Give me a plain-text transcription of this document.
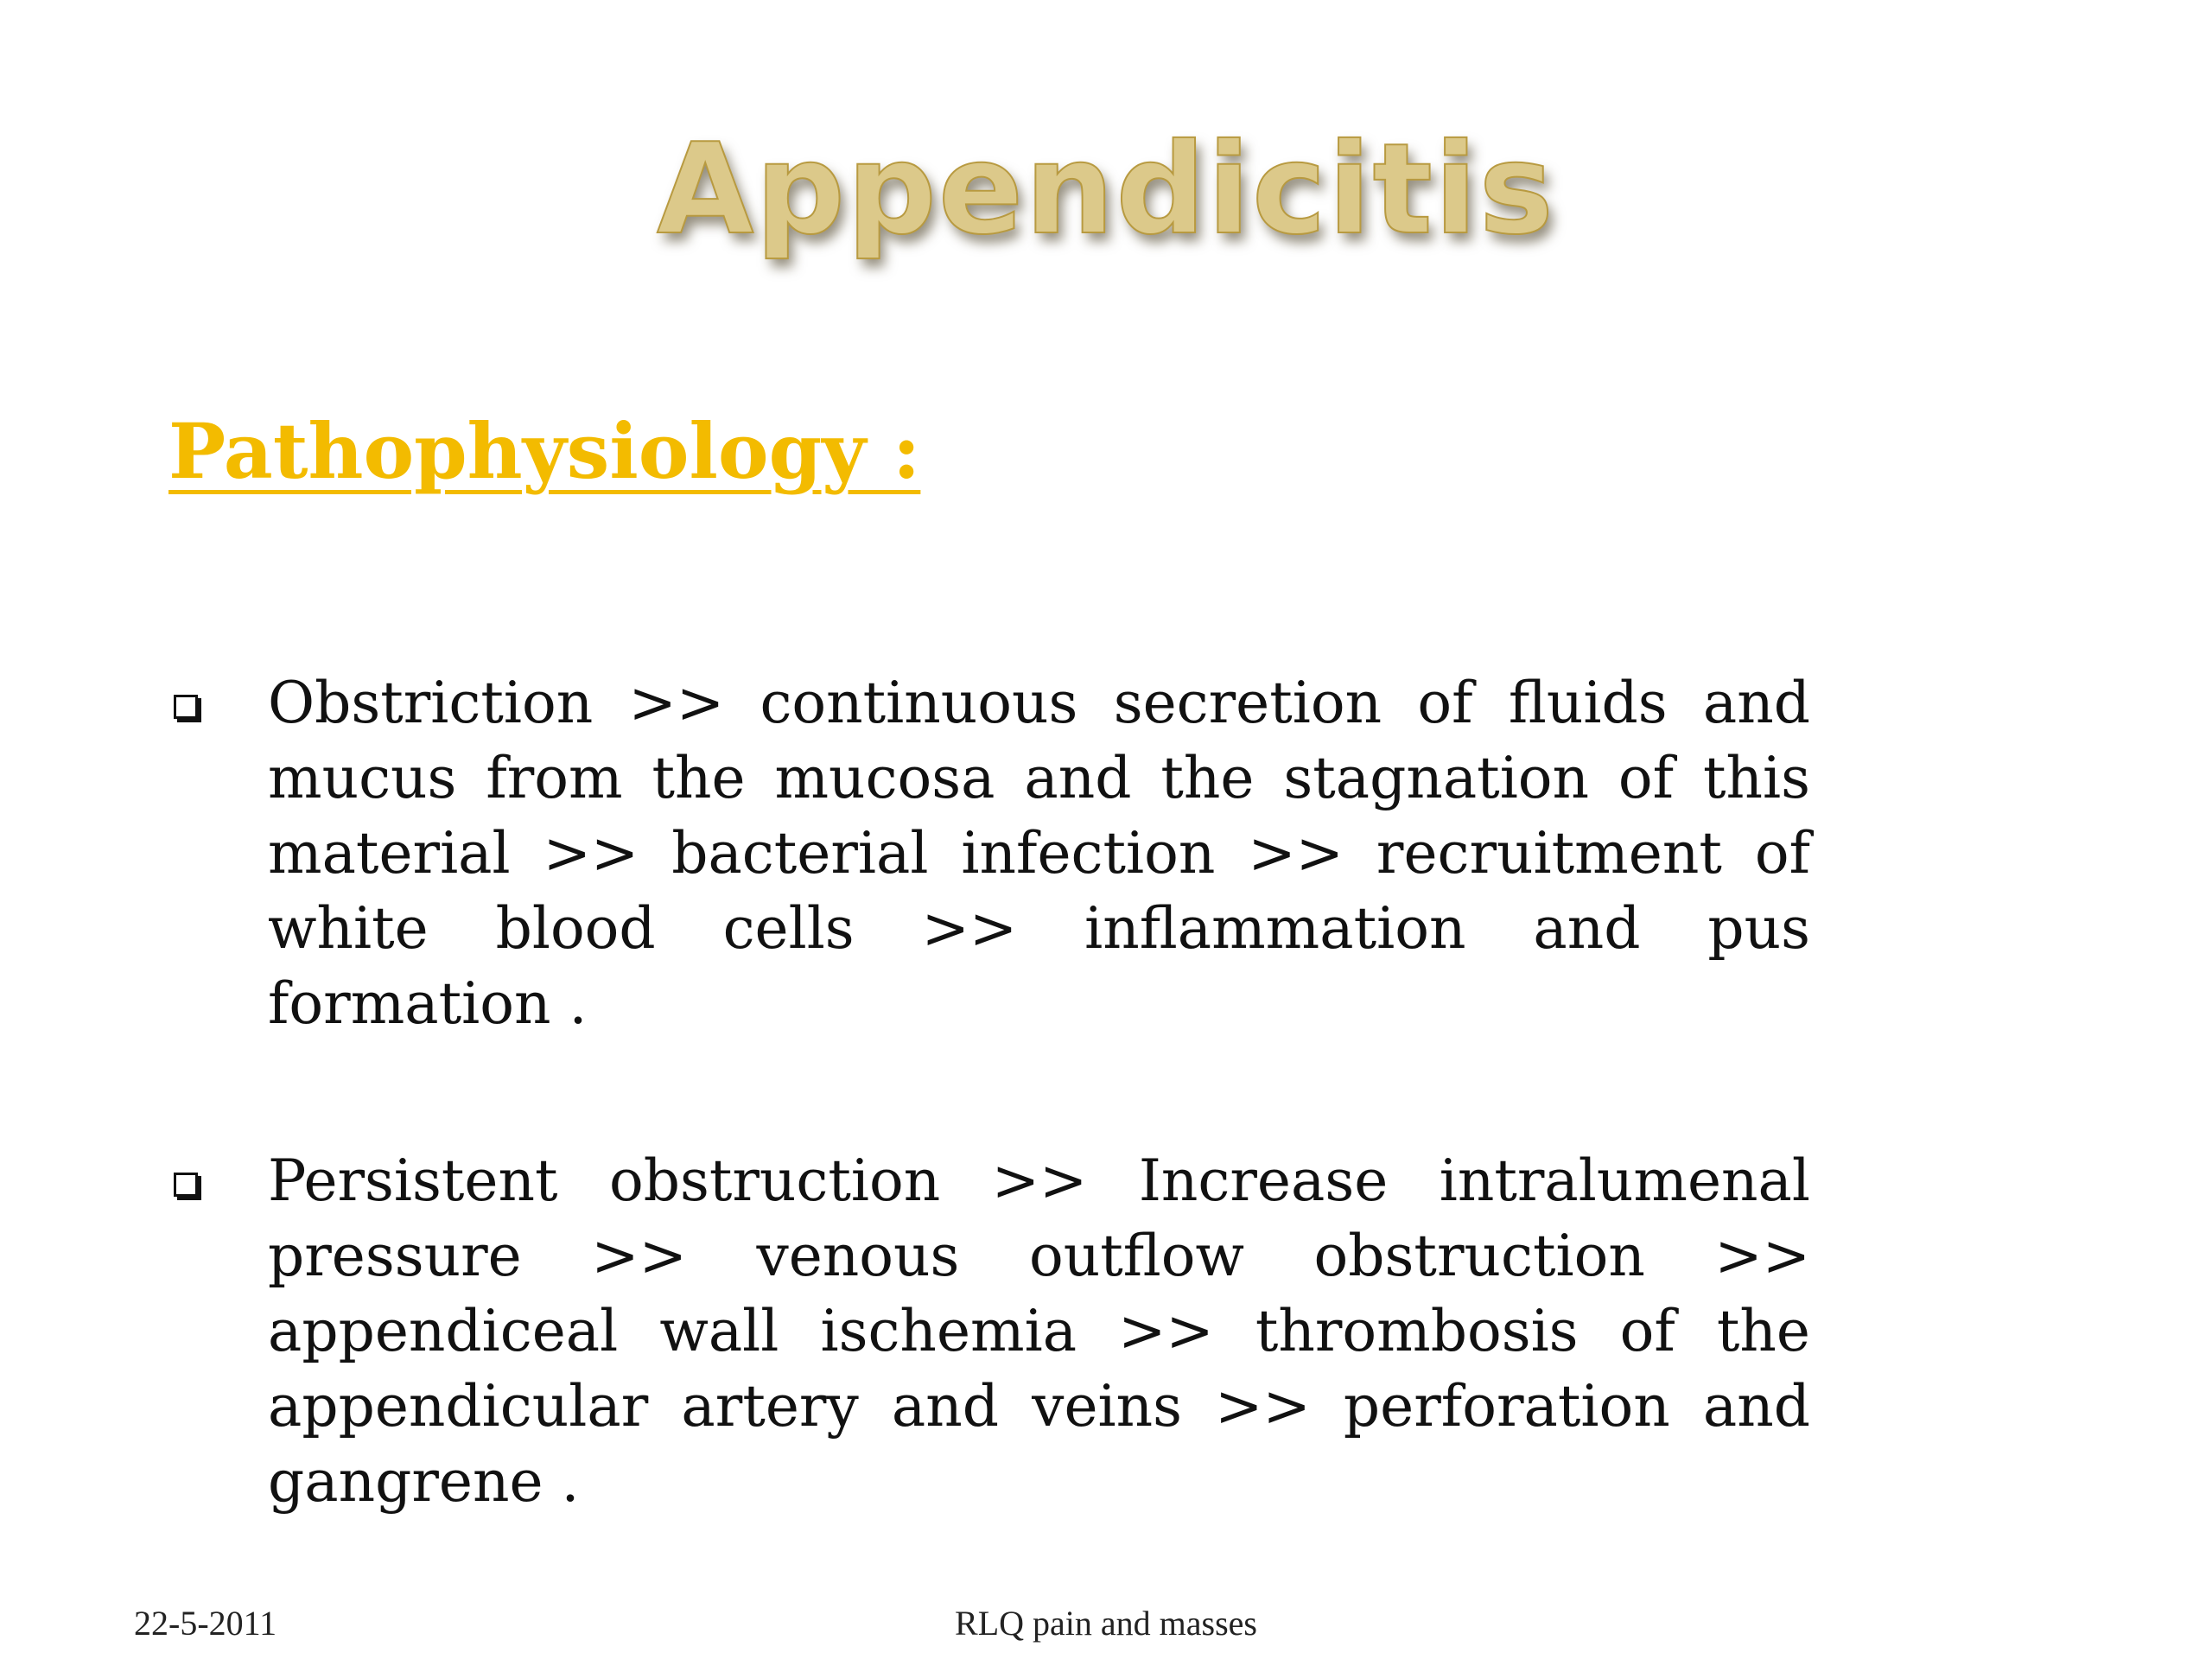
Appendicitis
Pathophysiology :
Obstriction >> continuous secretion of fluids and mucus from the mucosa and the stagnation of this material >> bacterial infection >> recruitment of white blood cells >> inflammation and pus formation .
Persistent obstruction >> Increase intralumenal pressure >> venous outflow obstruction >> appendiceal wall ischemia >> thrombosis of the appendicular artery and veins >> perforation and gangrene .
22-5-2011	RLQ pain and masses
